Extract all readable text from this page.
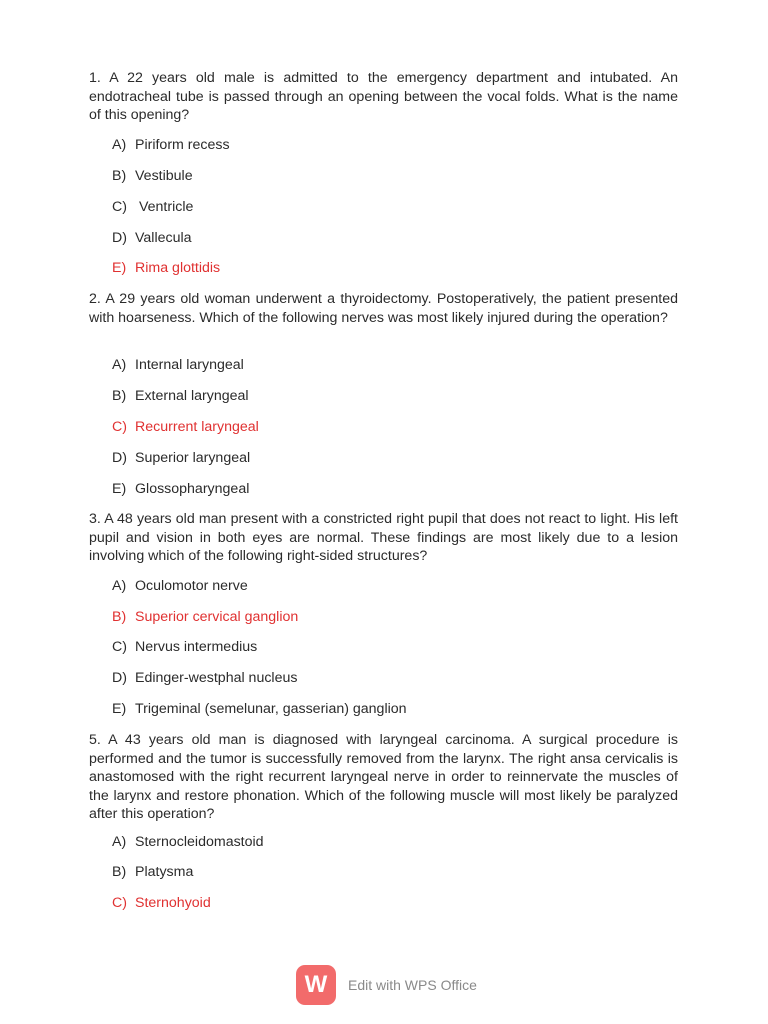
1. A 22 years old male is admitted to the emergency department and intubated. An endotracheal tube is passed through an opening between the vocal folds. What is the name of this opening?
A) Piriform recess
B) Vestibule
C) Ventricle
D) Vallecula
E) Rima glottidis
2. A 29 years old woman underwent a thyroidectomy. Postoperatively, the patient presented with hoarseness. Which of the following nerves was most likely injured during the operation?
A) Internal laryngeal
B) External laryngeal
C) Recurrent laryngeal
D) Superior laryngeal
E) Glossopharyngeal
3. A 48 years old man present with a constricted right pupil that does not react to light. His left pupil and vision in both eyes are normal. These findings are most likely due to a lesion involving which of the following right-sided structures?
A) Oculomotor nerve
B) Superior cervical ganglion
C) Nervus intermedius
D) Edinger-westphal nucleus
E) Trigeminal (semelunar, gasserian) ganglion
5. A 43 years old man is diagnosed with laryngeal carcinoma. A surgical procedure is performed and the tumor is successfully removed from the larynx. The right ansa cervicalis is anastomosed with the right recurrent laryngeal nerve in order to reinnervate the muscles of the larynx and restore phonation. Which of the following muscle will most likely be paralyzed after this operation?
A) Sternocleidomastoid
B) Platysma
C) Sternohyoid
W	Edit with WPS Office
